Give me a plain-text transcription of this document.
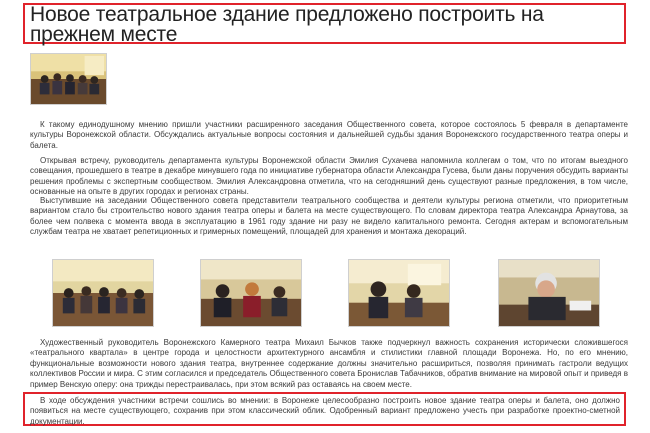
Новое театральное здание предложено построить на прежнем месте

К такому единодушному мнению пришли участники расширенного заседания Общественного совета, которое состоялось 5 февраля в департаменте культуры Воронежской области. Обсуждались актуальные вопросы состояния и дальнейшей судьбы здания Воронежского государственного театра оперы и балета.

Открывая встречу, руководитель департамента культуры Воронежской области Эмилия Сухачева напомнила коллегам о том, что по итогам выездного совещания, прошедшего в театре в декабре минувшего года по инициативе губернатора области Александра Гусева, были даны поручения обсудить варианты решения проблемы с экспертным сообществом. Эмилия Александровна отметила, что на сегодняшний день существуют разные предложения, в том числе, основанные на опыте в других городах и регионах страны.

Выступившие на заседании Общественного совета представители театрального сообщества и деятели культуры региона отметили, что приоритетным вариантом стало бы строительство нового здания театра оперы и балета на месте существующего. По словам директора театра Александра Арнаутова, за более чем полвека с момента ввода в эксплуатацию в 1961 году здание ни разу не видело капитального ремонта. Сегодня актерам и вспомогательным службам театра не хватает репетиционных и гримерных помещений, площадей для хранения и монтажа декораций.

Художественный руководитель Воронежского Камерного театра Михаил Бычков также подчеркнул важность сохранения исторически сложившегося «театрального квартала» в центре города и целостности архитектурного ансамбля и стилистики главной площади Воронежа. Но, по его мнению, функциональные возможности нового здания театра, внутреннее содержание должны значительно расшириться, позволяя принимать гастроли ведущих коллективов России и мира. С этим согласился и председатель Общественного совета Бронислав Табачников, обратив внимание на мировой опыт и приведя в пример Венскую оперу: она трижды перестраивалась, при этом всякий раз оставаясь на своем месте.

В ходе обсуждения участники встречи сошлись во мнении: в Воронеже целесообразно построить новое здание театра оперы и балета, оно должно появиться на месте существующего, сохранив при этом классический облик. Одобренный вариант предложено учесть при разработке проектно-сметной документации.
